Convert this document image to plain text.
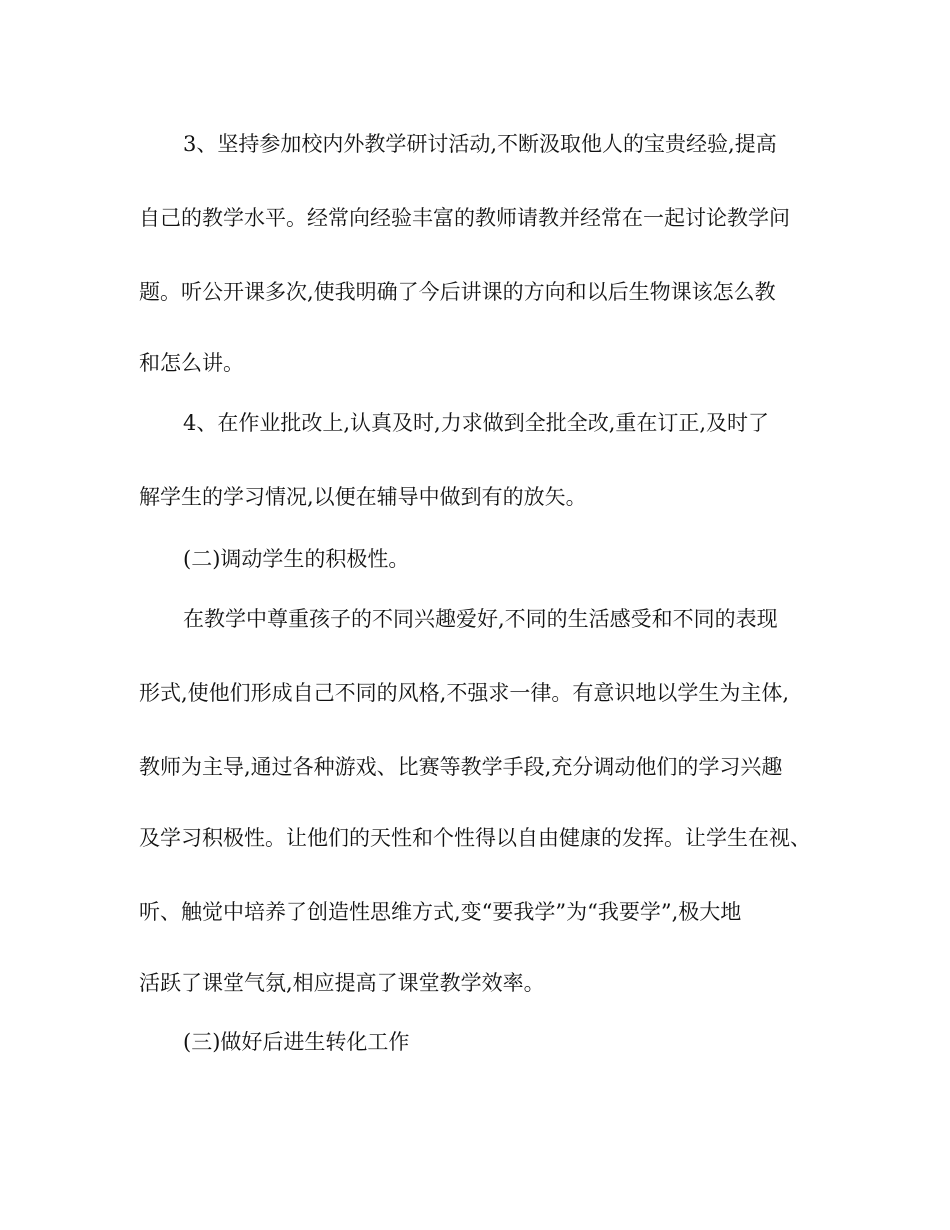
3、坚持参加校内外教学研讨活动,不断汲取他人的宝贵经验,提高
自己的教学水平。经常向经验丰富的教师请教并经常在一起讨论教学问
题。听公开课多次,使我明确了今后讲课的方向和以后生物课该怎么教
和怎么讲。
4、在作业批改上,认真及时,力求做到全批全改,重在订正,及时了
解学生的学习情况,以便在辅导中做到有的放矢。
(二)调动学生的积极性。
在教学中尊重孩子的不同兴趣爱好,不同的生活感受和不同的表现
形式,使他们形成自己不同的风格,不强求一律。有意识地以学生为主体,
教师为主导,通过各种游戏、比赛等教学手段,充分调动他们的学习兴趣
及学习积极性。让他们的天性和个性得以自由健康的发挥。让学生在视、
听、触觉中培养了创造性思维方式,变“要我学”为“我要学”,极大地
活跃了课堂气氛,相应提高了课堂教学效率。
(三)做好后进生转化工作
